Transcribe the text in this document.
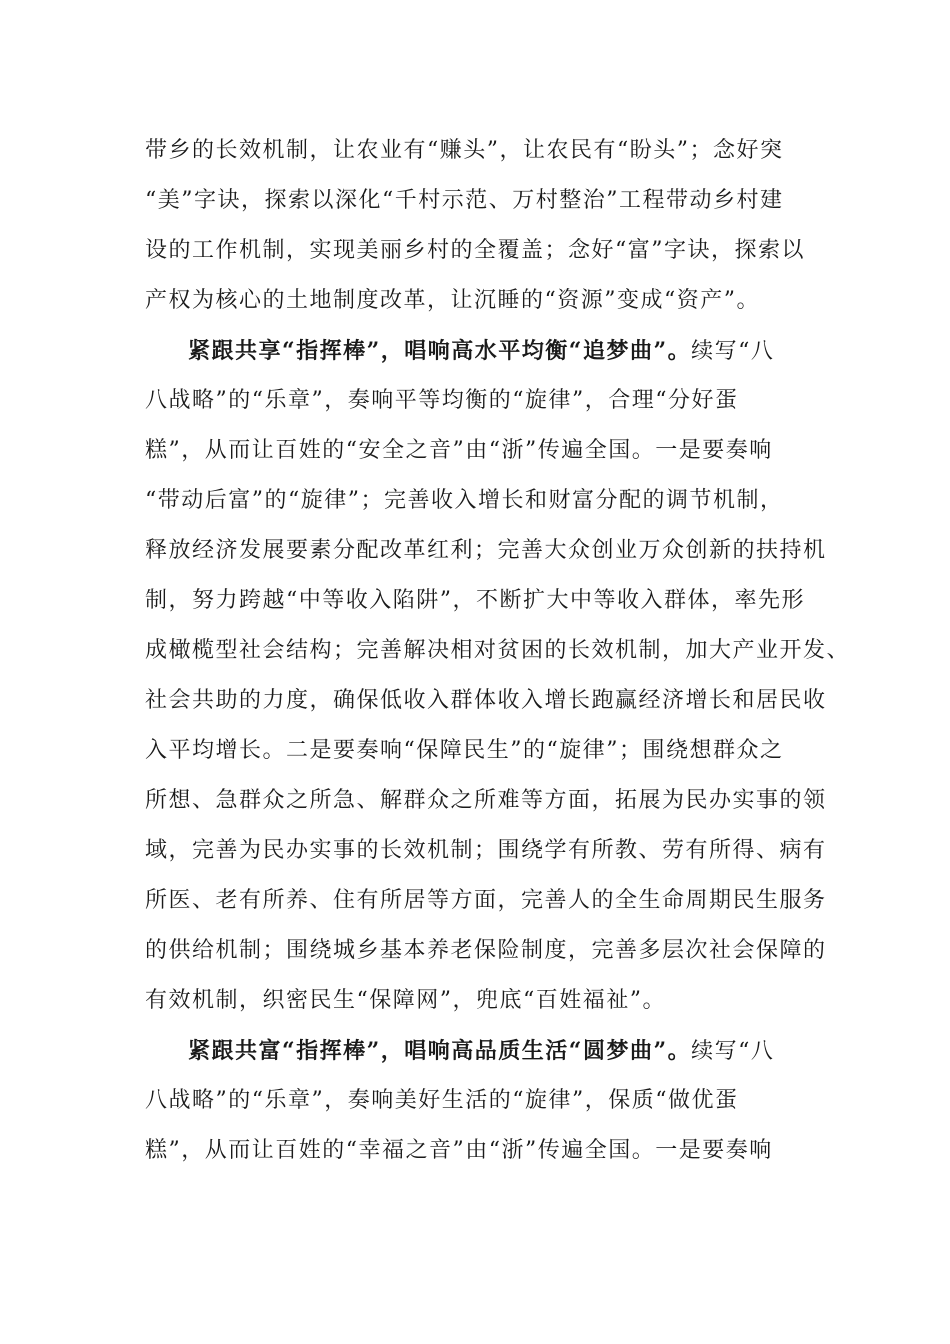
带乡的长效机制，让农业有“赚头”，让农民有“盼头”；念好突
“美”字诀，探索以深化“千村示范、万村整治”工程带动乡村建
设的工作机制，实现美丽乡村的全覆盖；念好“富”字诀，探索以
产权为核心的土地制度改革，让沉睡的“资源”变成“资产”。
紧跟共享“指挥棒”，唱响高水平均衡“追梦曲”。续写“八
八战略”的“乐章”，奏响平等均衡的“旋律”，合理“分好蛋
糕”，从而让百姓的“安全之音”由“浙”传遍全国。一是要奏响
“带动后富”的“旋律”；完善收入增长和财富分配的调节机制，
释放经济发展要素分配改革红利；完善大众创业万众创新的扶持机
制，努力跨越“中等收入陷阱”，不断扩大中等收入群体，率先形
成橄榄型社会结构；完善解决相对贫困的长效机制，加大产业开发、
社会共助的力度，确保低收入群体收入增长跑赢经济增长和居民收
入平均增长。二是要奏响“保障民生”的“旋律”；围绕想群众之
所想、急群众之所急、解群众之所难等方面，拓展为民办实事的领
域，完善为民办实事的长效机制；围绕学有所教、劳有所得、病有
所医、老有所养、住有所居等方面，完善人的全生命周期民生服务
的供给机制；围绕城乡基本养老保险制度，完善多层次社会保障的
有效机制，织密民生“保障网”，兜底“百姓福祉”。
紧跟共富“指挥棒”，唱响高品质生活“圆梦曲”。续写“八
八战略”的“乐章”，奏响美好生活的“旋律”，保质“做优蛋
糕”，从而让百姓的“幸福之音”由“浙”传遍全国。一是要奏响
